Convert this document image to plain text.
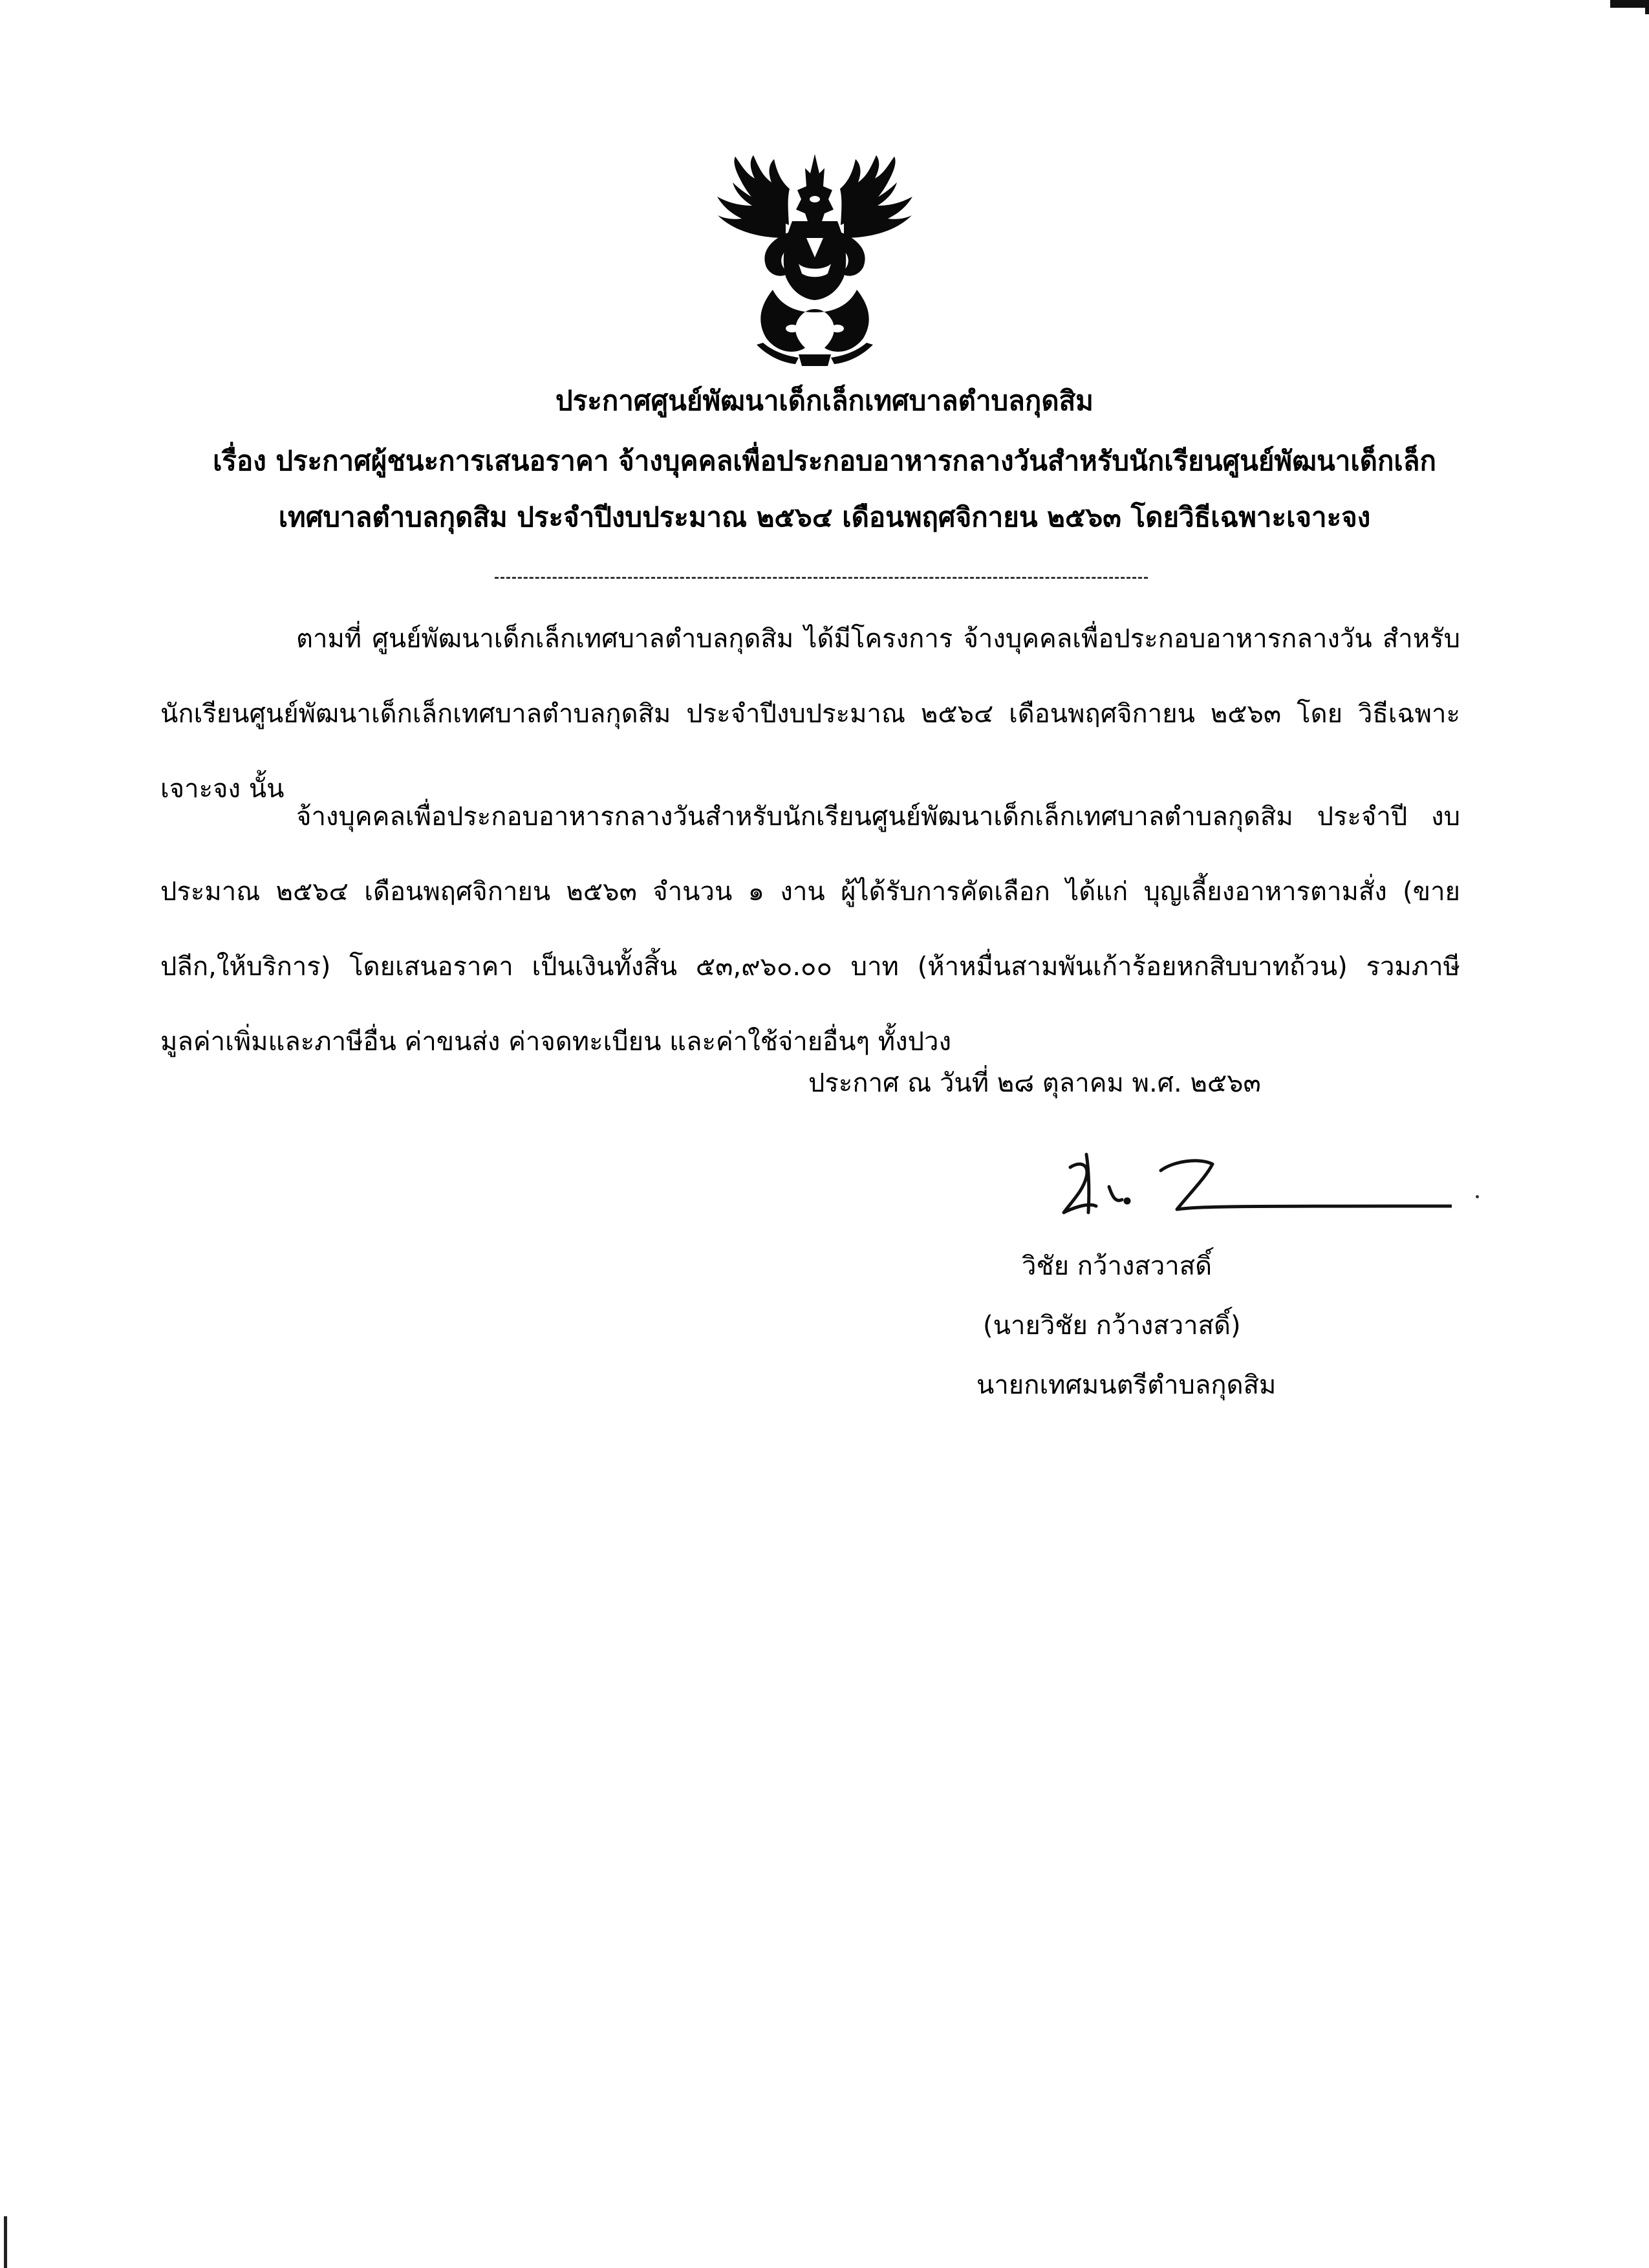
ประกาศศูนย์พัฒนาเด็กเล็กเทศบาลตำบลกุดสิม
เรื่อง ประกาศผู้ชนะการเสนอราคา จ้างบุคคลเพื่อประกอบอาหารกลางวันสำหรับนักเรียนศูนย์พัฒนาเด็กเล็ก
เทศบาลตำบลกุดสิม ประจำปีงบประมาณ ๒๕๖๔ เดือนพฤศจิกายน ๒๕๖๓ โดยวิธีเฉพาะเจาะจง
ตามที่ ศูนย์พัฒนาเด็กเล็กเทศบาลตำบลกุดสิม ได้มีโครงการ จ้างบุคคลเพื่อประกอบอาหารกลางวัน สำหรับนักเรียนศูนย์พัฒนาเด็กเล็กเทศบาลตำบลกุดสิม ประจำปีงบประมาณ ๒๕๖๔ เดือนพฤศจิกายน ๒๕๖๓ โดย วิธีเฉพาะเจาะจง นั้น
จ้างบุคคลเพื่อประกอบอาหารกลางวันสำหรับนักเรียนศูนย์พัฒนาเด็กเล็กเทศบาลตำบลกุดสิม ประจำปี งบประมาณ ๒๕๖๔ เดือนพฤศจิกายน ๒๕๖๓ จำนวน ๑ งาน ผู้ได้รับการคัดเลือก ได้แก่ บุญเลี้ยงอาหารตามสั่ง (ขาย ปลีก,ให้บริการ) โดยเสนอราคา เป็นเงินทั้งสิ้น ๕๓,๙๖๐.๐๐ บาท (ห้าหมื่นสามพันเก้าร้อยหกสิบบาทถ้วน) รวมภาษี มูลค่าเพิ่มและภาษีอื่น ค่าขนส่ง ค่าจดทะเบียน และค่าใช้จ่ายอื่นๆ ทั้งปวง
ประกาศ ณ วันที่ ๒๘ ตุลาคม พ.ศ. ๒๕๖๓
วิชัย กว้างสวาสดิ์
(นายวิชัย กว้างสวาสดิ์)
นายกเทศมนตรีตำบลกุดสิม
